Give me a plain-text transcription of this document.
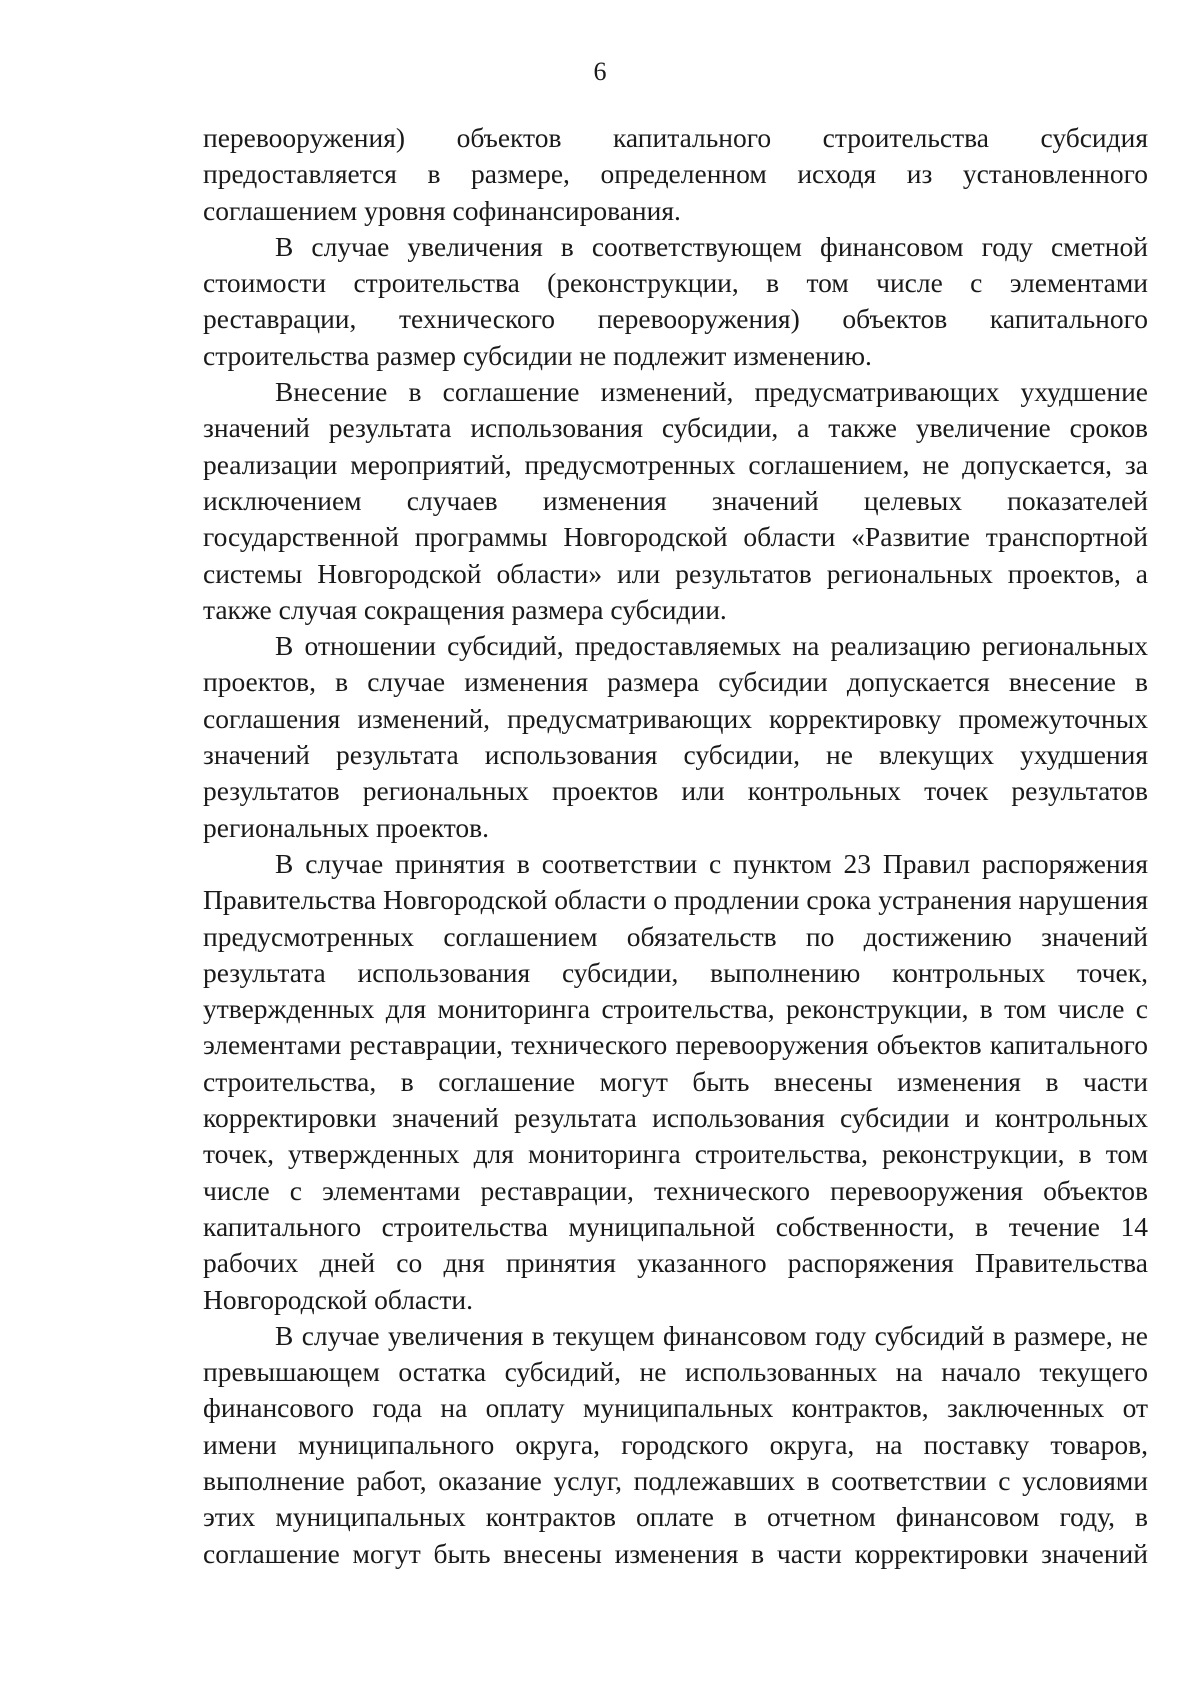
6

перевооружения) объектов капитального строительства субсидия предоставляется в размере, определенном исходя из установленного соглашением уровня софинансирования.

В случае увеличения в соответствующем финансовом году сметной стоимости строительства (реконструкции, в том числе с элементами реставрации, технического перевооружения) объектов капитального строительства размер субсидии не подлежит изменению.

Внесение в соглашение изменений, предусматривающих ухудшение значений результата использования субсидии, а также увеличение сроков реализации мероприятий, предусмотренных соглашением, не допускается, за исключением случаев изменения значений целевых показателей государственной программы Новгородской области «Развитие транспортной системы Новгородской области» или результатов региональных проектов, а также случая сокращения размера субсидии.

В отношении субсидий, предоставляемых на реализацию региональных проектов, в случае изменения размера субсидии допускается внесение в соглашения изменений, предусматривающих корректировку промежуточных значений результата использования субсидии, не влекущих ухудшения результатов региональных проектов или контрольных точек результатов региональных проектов.

В случае принятия в соответствии с пунктом 23 Правил распоряжения Правительства Новгородской области о продлении срока устранения нарушения предусмотренных соглашением обязательств по достижению значений результата использования субсидии, выполнению контрольных точек, утвержденных для мониторинга строительства, реконструкции, в том числе с элементами реставрации, технического перевооружения объектов капитального строительства, в соглашение могут быть внесены изменения в части корректировки значений результата использования субсидии и контрольных точек, утвержденных для мониторинга строительства, реконструкции, в том числе с элементами реставрации, технического перевооружения объектов капитального строительства муниципальной собственности, в течение 14 рабочих дней со дня принятия указанного распоряжения Правительства Новгородской области.

В случае увеличения в текущем финансовом году субсидий в размере, не превышающем остатка субсидий, не использованных на начало текущего финансового года на оплату муниципальных контрактов, заключенных от имени муниципального округа, городского округа, на поставку товаров, выполнение работ, оказание услуг, подлежавших в соответствии с условиями этих муниципальных контрактов оплате в отчетном финансовом году, в соглашение могут быть внесены изменения в части корректировки значений
